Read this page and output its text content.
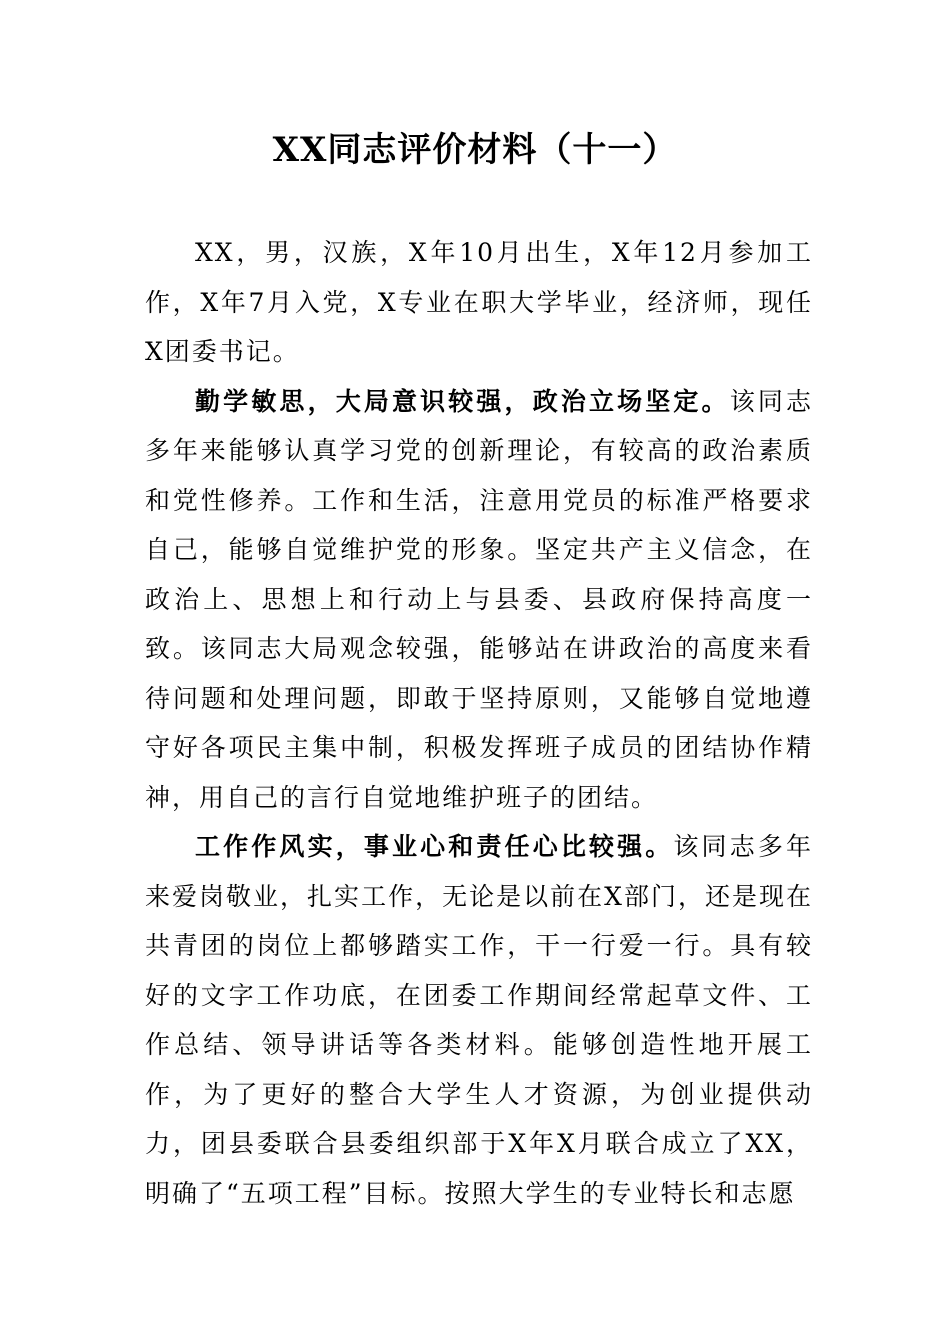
XX同志评价材料（十一）

XX，男，汉族，X年10月出生，X年12月参加工作，X年7月入党，X专业在职大学毕业，经济师，现任X团委书记。

勤学敏思，大局意识较强，政治立场坚定。该同志多年来能够认真学习党的创新理论，有较高的政治素质和党性修养。工作和生活，注意用党员的标准严格要求自己，能够自觉维护党的形象。坚定共产主义信念，在政治上、思想上和行动上与县委、县政府保持高度一致。该同志大局观念较强，能够站在讲政治的高度来看待问题和处理问题，即敢于坚持原则，又能够自觉地遵守好各项民主集中制，积极发挥班子成员的团结协作精神，用自己的言行自觉地维护班子的团结。

工作作风实，事业心和责任心比较强。该同志多年来爱岗敬业，扎实工作，无论是以前在X部门，还是现在共青团的岗位上都够踏实工作，干一行爱一行。具有较好的文字工作功底，在团委工作期间经常起草文件、工作总结、领导讲话等各类材料。能够创造性地开展工作，为了更好的整合大学生人才资源，为创业提供动力，团县委联合县委组织部于X年X月联合成立了XX，明确了“五项工程”目标。按照大学生的专业特长和志愿
